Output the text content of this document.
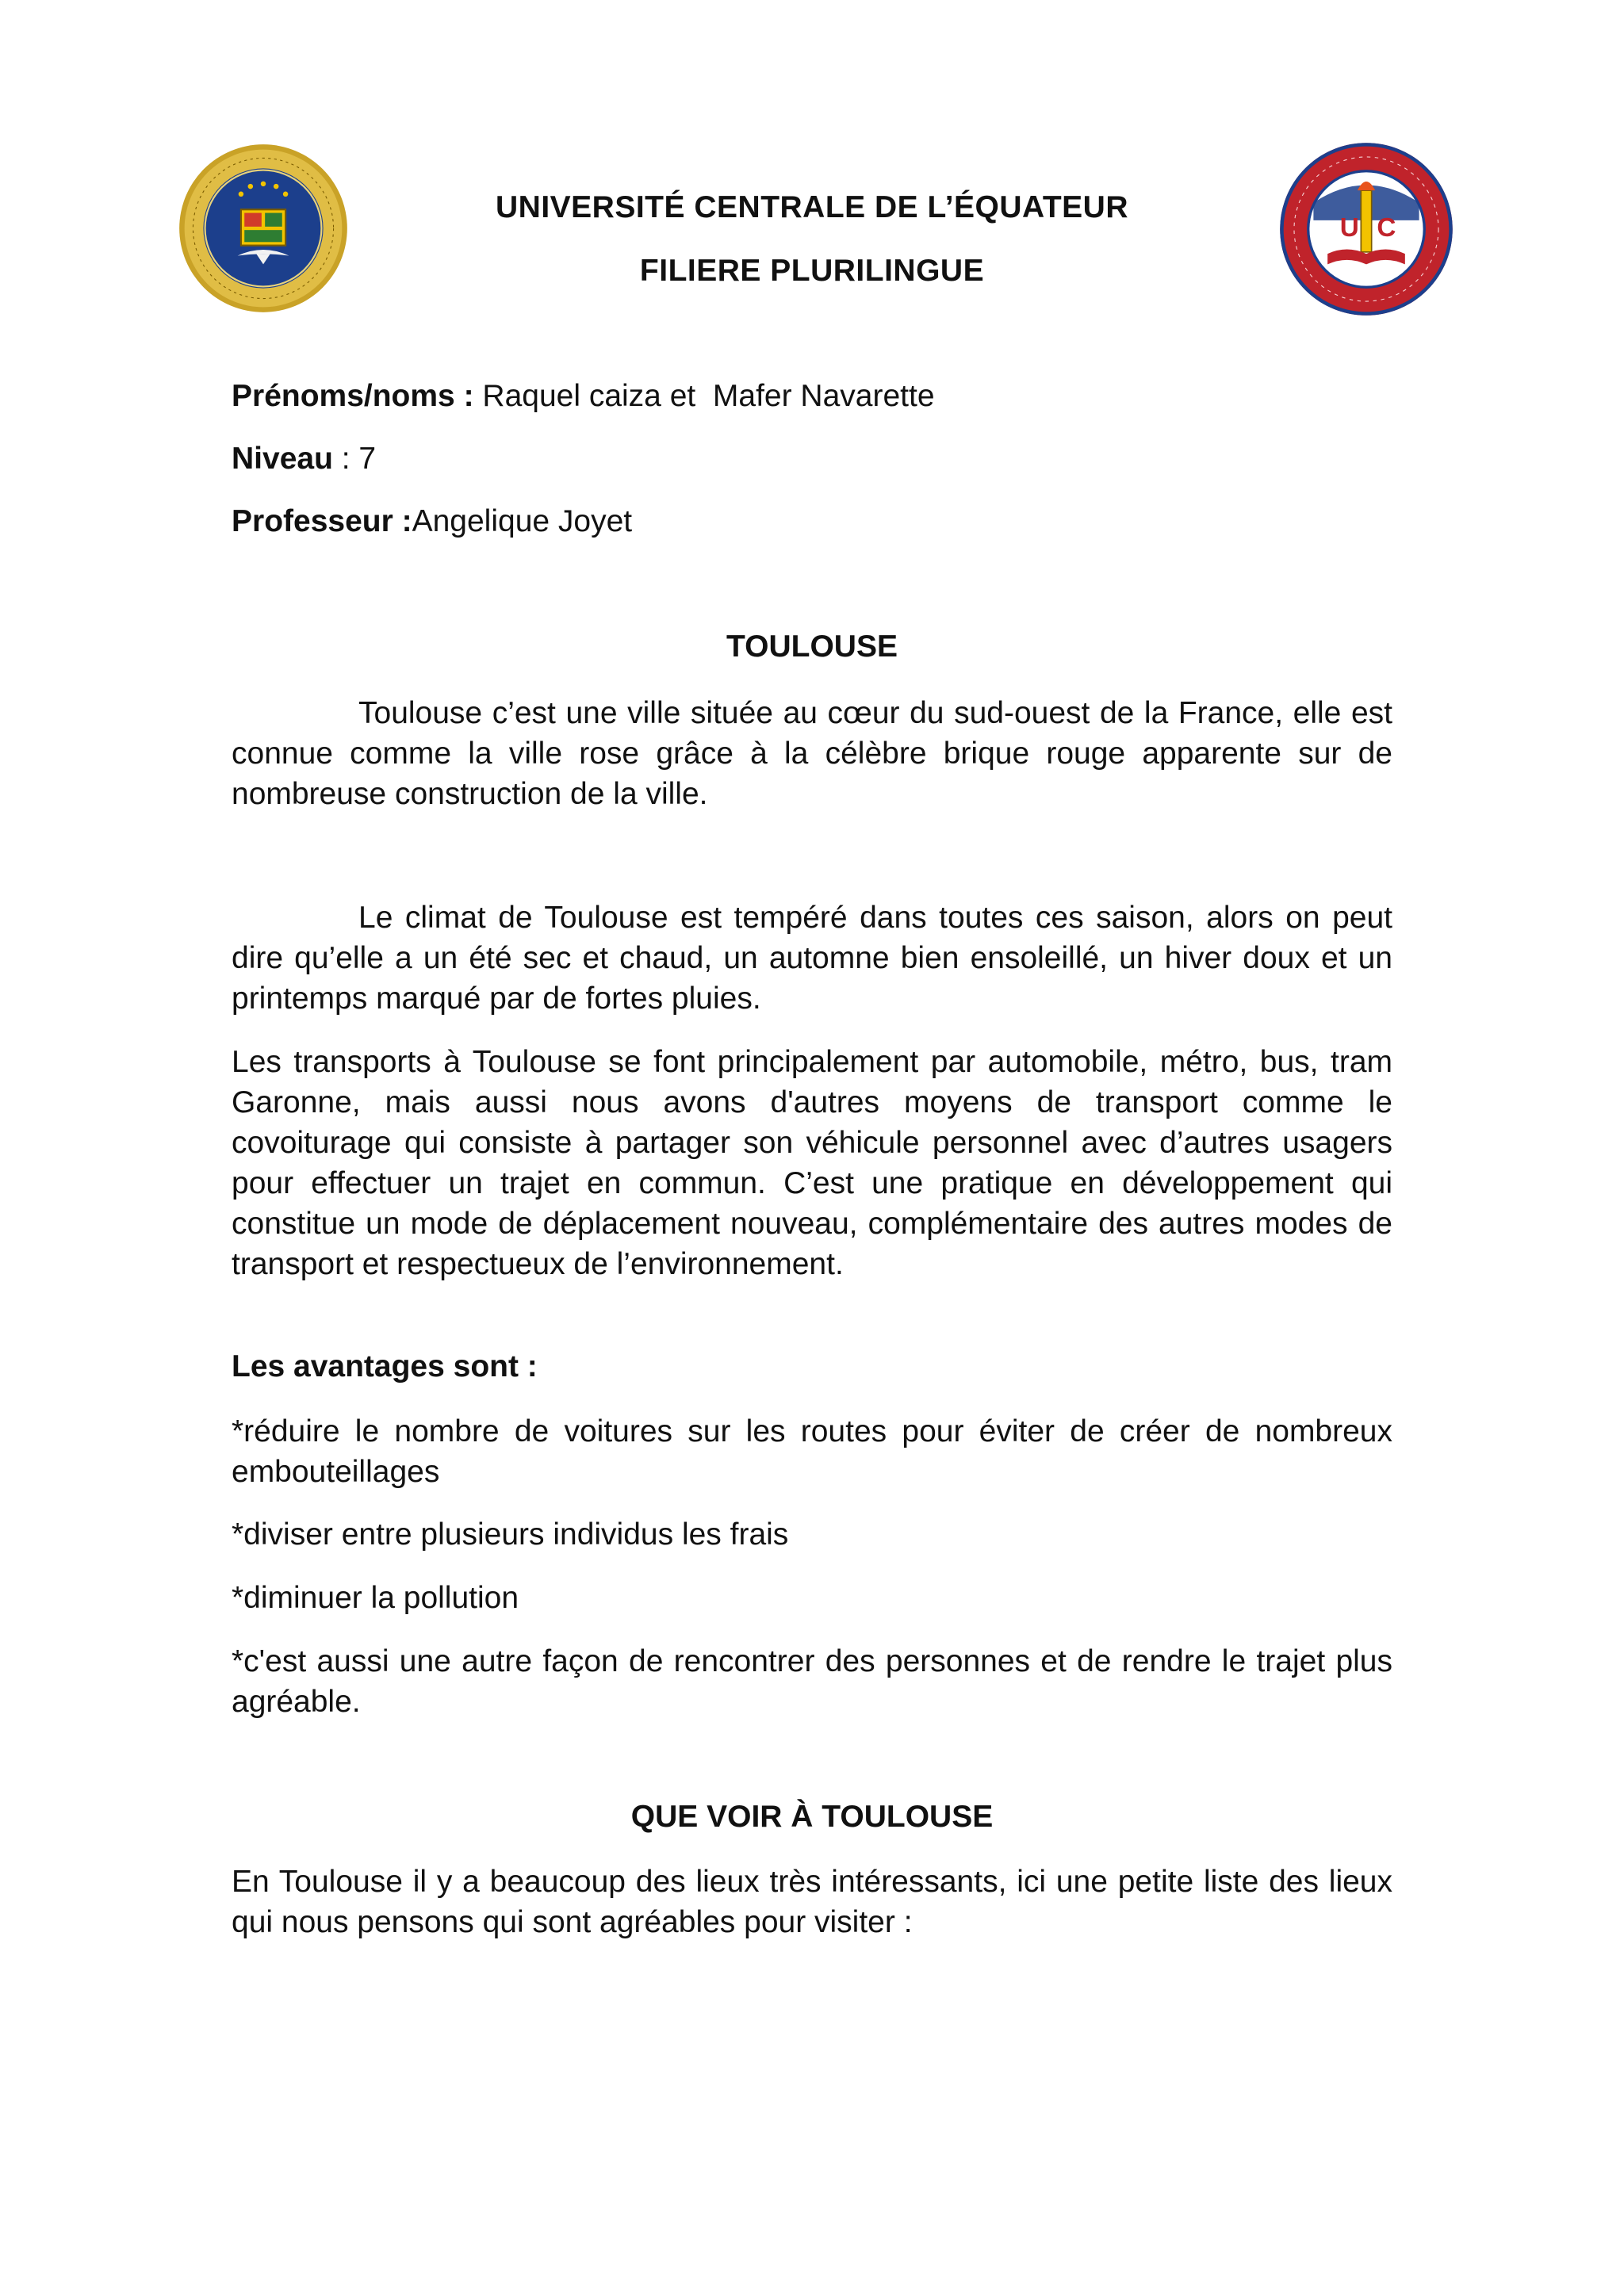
U C
UNIVERSITÉ CENTRALE DE L’ÉQUATEUR
FILIERE PLURILINGUE
Prénoms/noms : Raquel caiza et  Mafer Navarette
Niveau : 7
Professeur :Angelique Joyet
TOULOUSE
Toulouse c’est une ville située au cœur du sud-ouest de la France, elle est connue comme la ville rose grâce à la célèbre brique rouge apparente sur de nombreuse construction de la ville.
Le climat de Toulouse est tempéré dans toutes ces saison, alors on peut dire qu’elle a un été sec et chaud, un automne bien ensoleillé, un hiver doux et un printemps marqué par de fortes pluies.
Les transports à Toulouse se font principalement par automobile, métro, bus, tram Garonne, mais aussi nous avons d'autres moyens de transport comme le covoiturage qui consiste à partager son véhicule personnel avec d’autres usagers pour effectuer un trajet en commun. C’est une pratique en développement qui constitue un mode de déplacement nouveau, complémentaire des autres modes de transport et respectueux de l’environnement.
Les avantages sont :
*réduire le nombre de voitures sur les routes pour éviter de créer de nombreux embouteillages
*diviser entre plusieurs individus les frais
*diminuer la pollution
*c'est aussi une autre façon de rencontrer des personnes et de rendre le trajet plus agréable.
QUE VOIR À TOULOUSE
En Toulouse il y a beaucoup des lieux très intéressants, ici une petite liste des lieux qui nous pensons qui sont agréables pour visiter :
